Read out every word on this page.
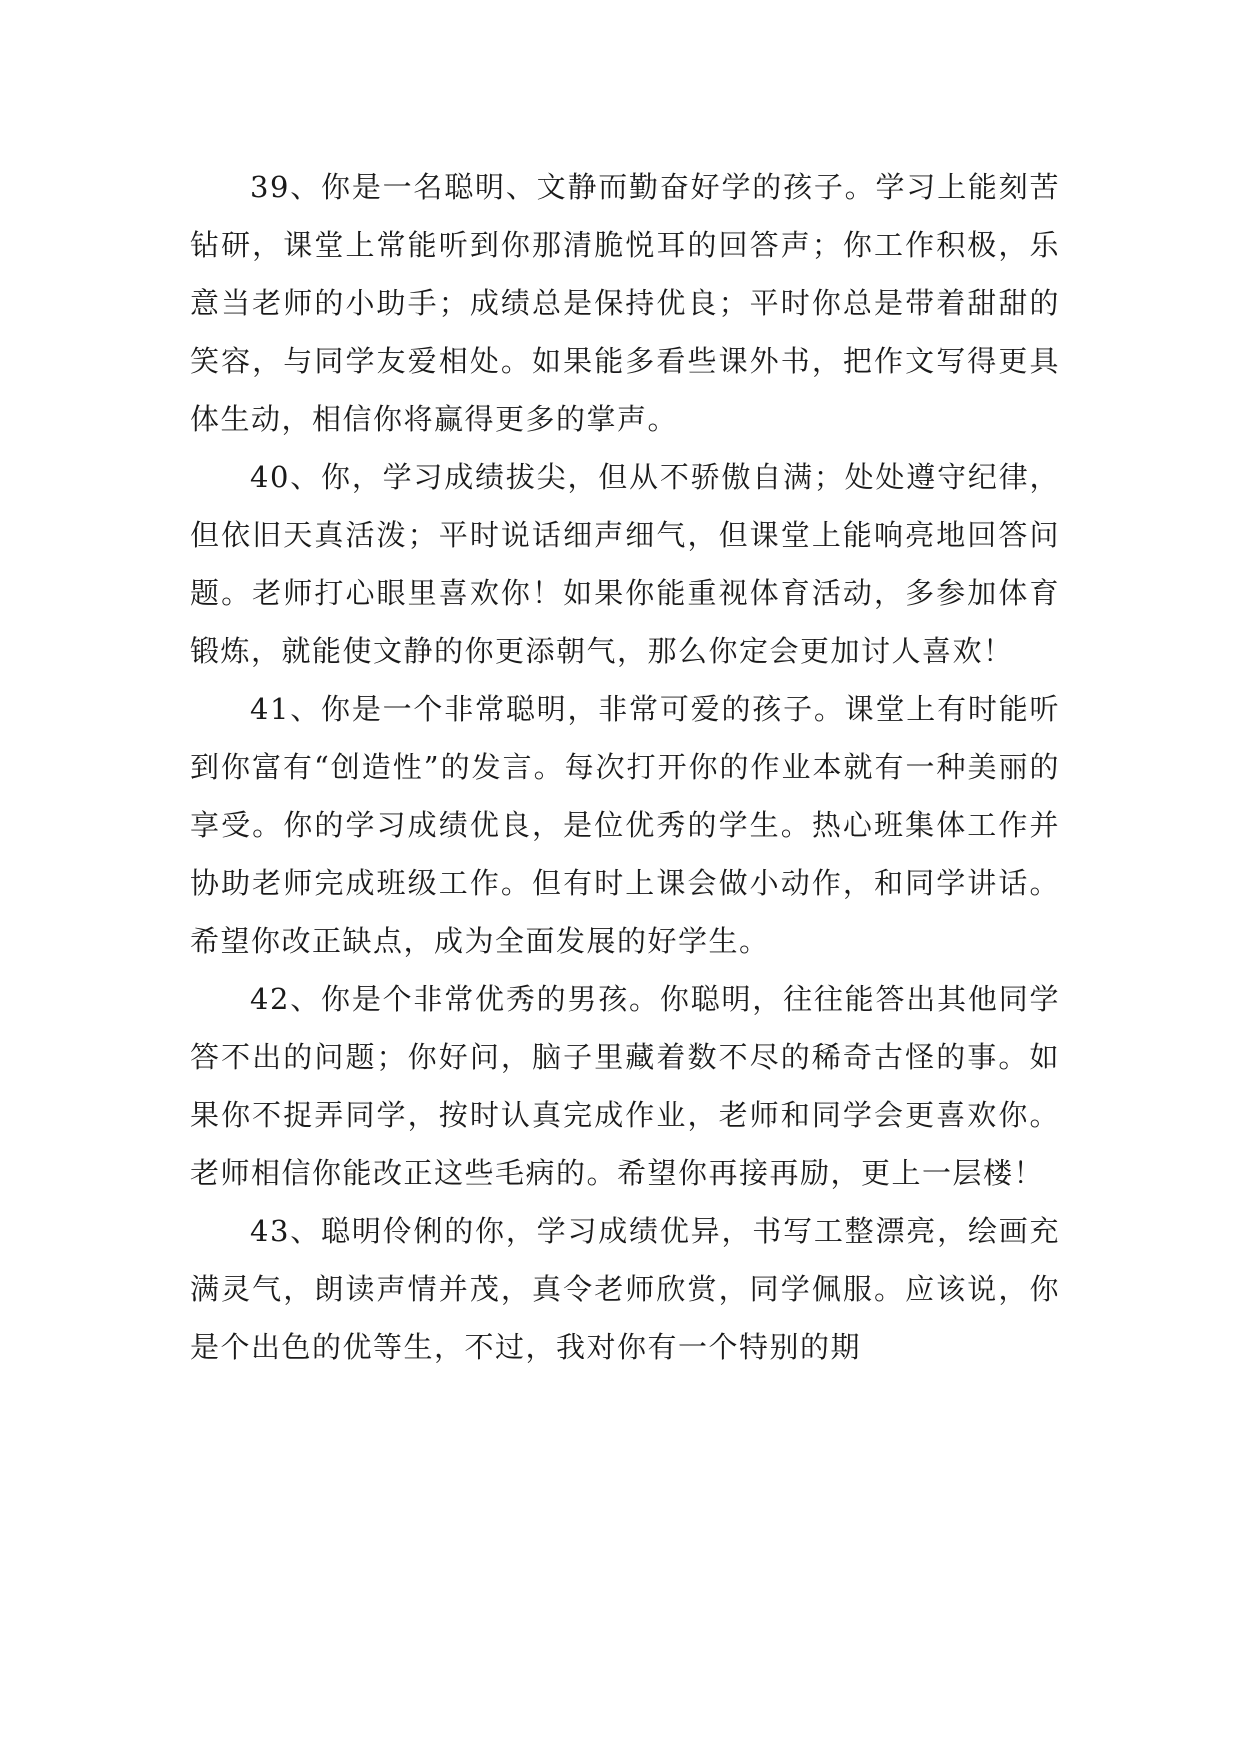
39、你是一名聪明、文静而勤奋好学的孩子。学习上能刻苦钻研，课堂上常能听到你那清脆悦耳的回答声；你工作积极，乐意当老师的小助手；成绩总是保持优良；平时你总是带着甜甜的笑容，与同学友爱相处。如果能多看些课外书，把作文写得更具体生动，相信你将赢得更多的掌声。

40、你，学习成绩拔尖，但从不骄傲自满；处处遵守纪律，但依旧天真活泼；平时说话细声细气，但课堂上能响亮地回答问题。老师打心眼里喜欢你！如果你能重视体育活动，多参加体育锻炼，就能使文静的你更添朝气，那么你定会更加讨人喜欢！

41、你是一个非常聪明，非常可爱的孩子。课堂上有时能听到你富有“创造性”的发言。每次打开你的作业本就有一种美丽的享受。你的学习成绩优良，是位优秀的学生。热心班集体工作并协助老师完成班级工作。但有时上课会做小动作，和同学讲话。希望你改正缺点，成为全面发展的好学生。

42、你是个非常优秀的男孩。你聪明，往往能答出其他同学答不出的问题；你好问，脑子里藏着数不尽的稀奇古怪的事。如果你不捉弄同学，按时认真完成作业，老师和同学会更喜欢你。老师相信你能改正这些毛病的。希望你再接再励，更上一层楼！

43、聪明伶俐的你，学习成绩优异，书写工整漂亮，绘画充满灵气，朗读声情并茂，真令老师欣赏，同学佩服。应该说，你是个出色的优等生，不过，我对你有一个特别的期
